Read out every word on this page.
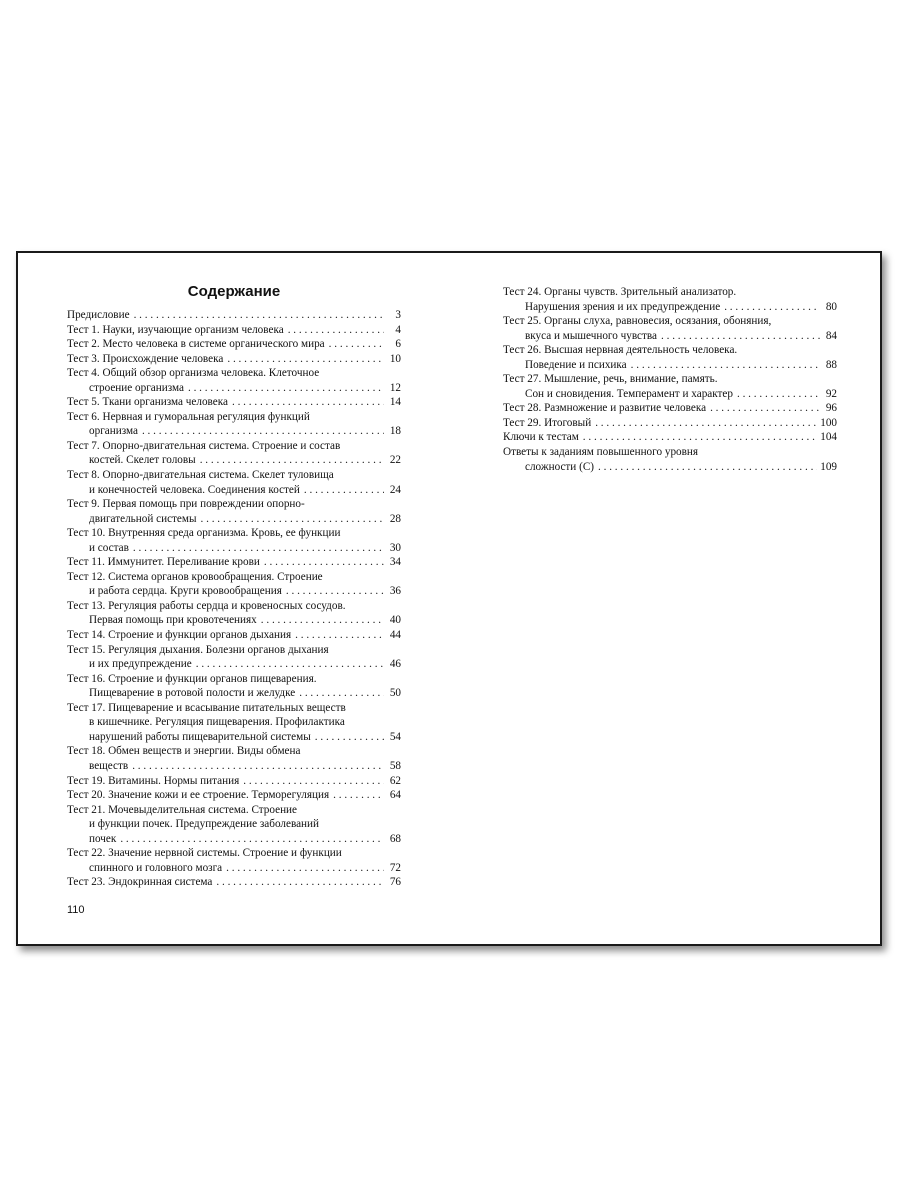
Содержание
Предисловие . . .	3
Тест 1. Науки, изучающие организм человека . . .	4
Тест 2. Место человека в системе органического мира . . .	6
Тест 3. Происхождение человека . . .	10
Тест 4. Общий обзор организма человека. Клеточное
строение организма . . .	12
Тест 5. Ткани организма человека . . .	14
Тест 6. Нервная и гуморальная регуляция функций
организма . . .	18
Тест 7. Опорно-двигательная система. Строение и состав
костей. Скелет головы . . .	22
Тест 8. Опорно-двигательная система. Скелет туловища
и конечностей человека. Соединения костей . . .	24
Тест 9. Первая помощь при повреждении опорно-
двигательной системы . . .	28
Тест 10. Внутренняя среда организма. Кровь, ее функции
и состав . . .	30
Тест 11. Иммунитет. Переливание крови . . .	34
Тест 12. Система органов кровообращения. Строение
и работа сердца. Круги кровообращения . . .	36
Тест 13. Регуляция работы сердца и кровеносных сосудов.
Первая помощь при кровотечениях . . .	40
Тест 14. Строение и функции органов дыхания . . .	44
Тест 15. Регуляция дыхания. Болезни органов дыхания
и их предупреждение . . .	46
Тест 16. Строение и функции органов пищеварения.
Пищеварение в ротовой полости и желудке . . .	50
Тест 17. Пищеварение и всасывание питательных веществ
в кишечнике. Регуляция пищеварения. Профилактика
нарушений работы пищеварительной системы . . .	54
Тест 18. Обмен веществ и энергии. Виды обмена
веществ . . .	58
Тест 19. Витамины. Нормы питания . . .	62
Тест 20. Значение кожи и ее строение. Терморегуляция . . .	64
Тест 21. Мочевыделительная система. Строение
и функции почек. Предупреждение заболеваний
почек . . .	68
Тест 22. Значение нервной системы. Строение и функции
спинного и головного мозга . . .	72
Тест 23. Эндокринная система . . .	76
Тест 24. Органы чувств. Зрительный анализатор.
Нарушения зрения и их предупреждение . . .	80
Тест 25. Органы слуха, равновесия, осязания, обоняния,
вкуса и мышечного чувства . . .	84
Тест 26. Высшая нервная деятельность человека.
Поведение и психика . . .	88
Тест 27. Мышление, речь, внимание, память.
Сон и сновидения. Темперамент и характер . . .	92
Тест 28. Размножение и развитие человека . . .	96
Тест 29. Итоговый . . .	100
Ключи к тестам . . .	104
Ответы к заданиям повышенного уровня
сложности (С) . . .	109
110
